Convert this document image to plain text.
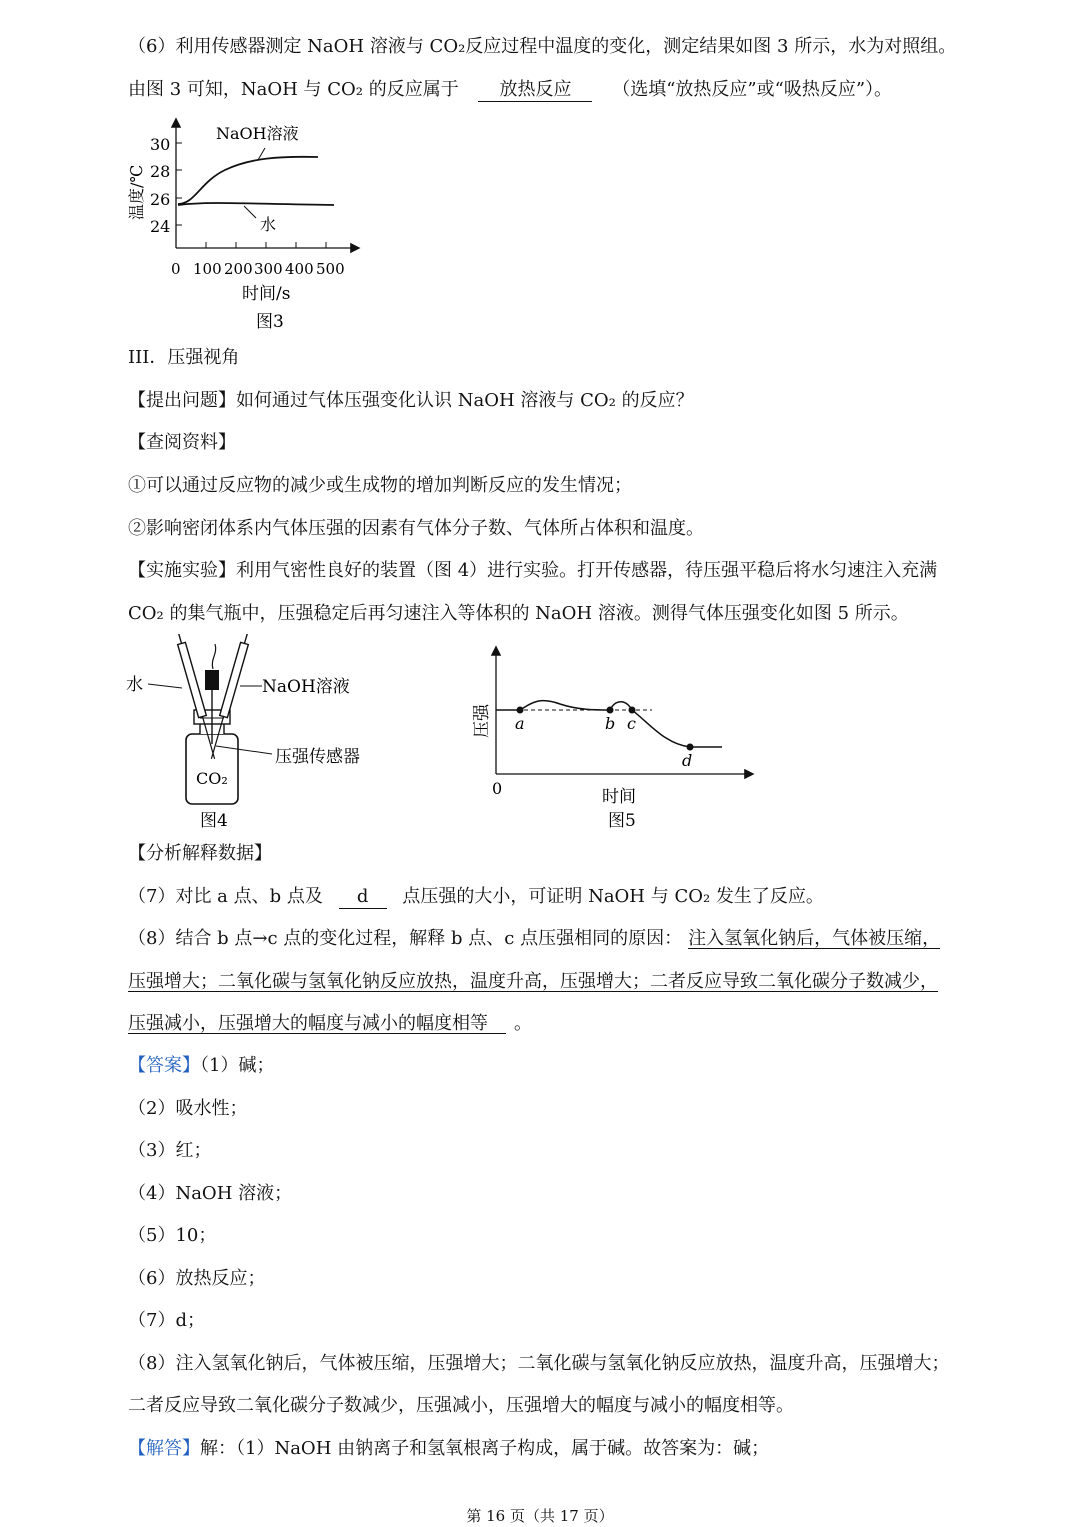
（6）利用传感器测定 NaOH 溶液与 CO₂反应过程中温度的变化，测定结果如图 3 所示，水为对照组。
由图 3 可知，NaOH 与 CO₂ 的反应属于 放热反应 （选填“放热反应”或“吸热反应”）。
30
28
26
24
0 100 200 300 400 500
温度/℃
时间/s
图3
NaOH溶液
水
III．压强视角
【提出问题】如何通过气体压强变化认识 NaOH 溶液与 CO₂ 的反应？
【查阅资料】
①可以通过反应物的减少或生成物的增加判断反应的发生情况；
②影响密闭体系内气体压强的因素有气体分子数、气体所占体积和温度。
【实施实验】利用气密性良好的装置（图 4）进行实验。打开传感器，待压强平稳后将水匀速注入充满
CO₂ 的集气瓶中，压强稳定后再匀速注入等体积的 NaOH 溶液。测得气体压强变化如图 5 所示。
水	NaOH溶液
压强传感器
CO₂
图4
a	b c
d
压强
0	时间
图5
【分析解释数据】
（7）对比 a 点、b 点及 d 点压强的大小，可证明 NaOH 与 CO₂ 发生了反应。
（8）结合 b 点→c 点的变化过程，解释 b 点、c 点压强相同的原因： 注入氢氧化钠后，气体被压缩，
压强增大；二氧化碳与氢氧化钠反应放热，温度升高，压强增大；二者反应导致二氧化碳分子数减少，
压强减小，压强增大的幅度与减小的幅度相等  。
【答案】（1）碱；
（2）吸水性；
（3）红；
（4）NaOH 溶液；
（5）10；
（6）放热反应；
（7）d；
（8）注入氢氧化钠后，气体被压缩，压强增大；二氧化碳与氢氧化钠反应放热，温度升高，压强增大；
二者反应导致二氧化碳分子数减少，压强减小，压强增大的幅度与减小的幅度相等。
【解答】解：（1）NaOH 由钠离子和氢氧根离子构成，属于碱。故答案为：碱；
第 16 页（共 17 页）
